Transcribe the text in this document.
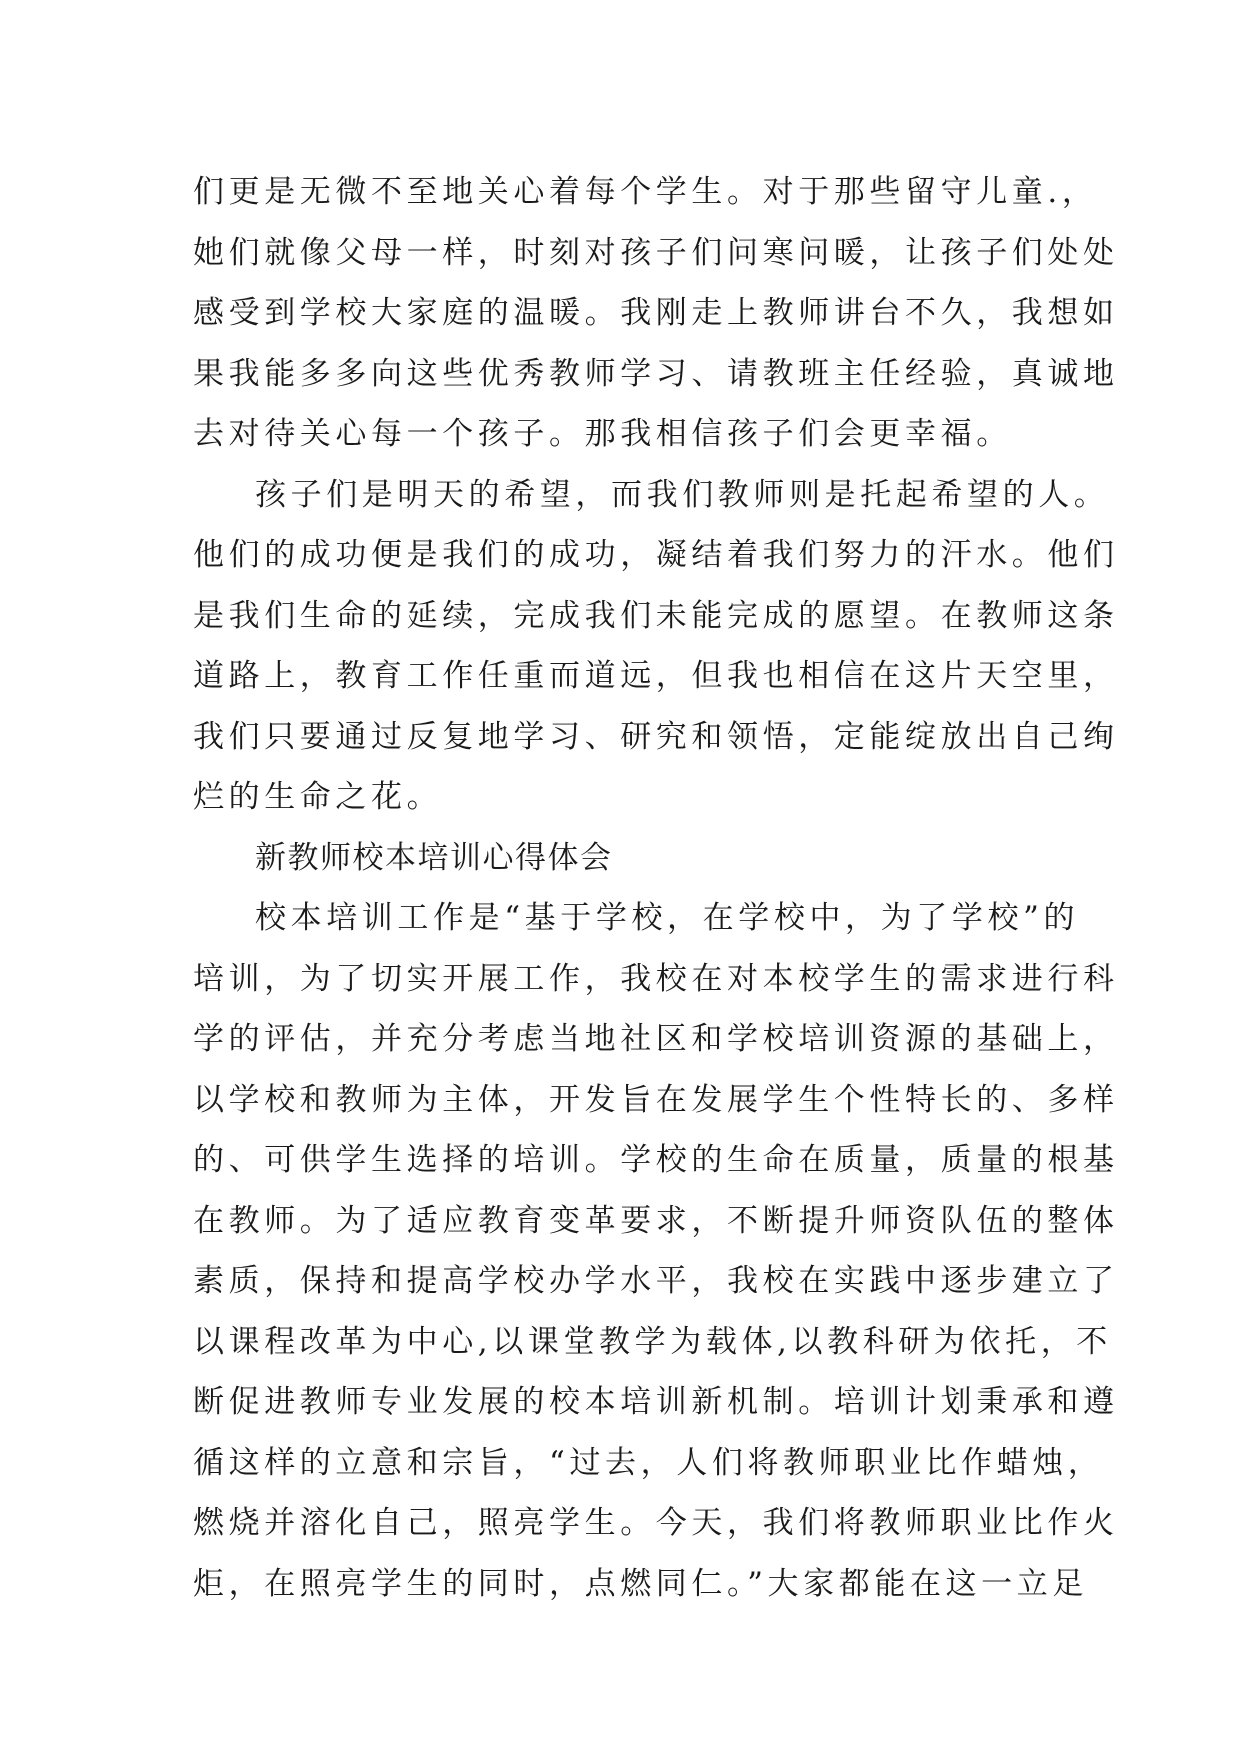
们更是无微不至地关心着每个学生。对于那些留守儿童.，
她们就像父母一样，时刻对孩子们问寒问暖，让孩子们处处
感受到学校大家庭的温暖。我刚走上教师讲台不久，我想如
果我能多多向这些优秀教师学习、请教班主任经验，真诚地
去对待关心每一个孩子。那我相信孩子们会更幸福。
孩子们是明天的希望，而我们教师则是托起希望的人。
他们的成功便是我们的成功，凝结着我们努力的汗水。他们
是我们生命的延续，完成我们未能完成的愿望。在教师这条
道路上，教育工作任重而道远，但我也相信在这片天空里，
我们只要通过反复地学习、研究和领悟，定能绽放出自己绚
烂的生命之花。
新教师校本培训心得体会
校本培训工作是“基于学校，在学校中，为了学校”的
培训，为了切实开展工作，我校在对本校学生的需求进行科
学的评估，并充分考虑当地社区和学校培训资源的基础上，
以学校和教师为主体，开发旨在发展学生个性特长的、多样
的、可供学生选择的培训。学校的生命在质量，质量的根基
在教师。为了适应教育变革要求，不断提升师资队伍的整体
素质，保持和提高学校办学水平，我校在实践中逐步建立了
以课程改革为中心,以课堂教学为载体,以教科研为依托，不
断促进教师专业发展的校本培训新机制。培训计划秉承和遵
循这样的立意和宗旨，“过去，人们将教师职业比作蜡烛，
燃烧并溶化自己，照亮学生。今天，我们将教师职业比作火
炬，在照亮学生的同时，点燃同仁。”大家都能在这一立足
